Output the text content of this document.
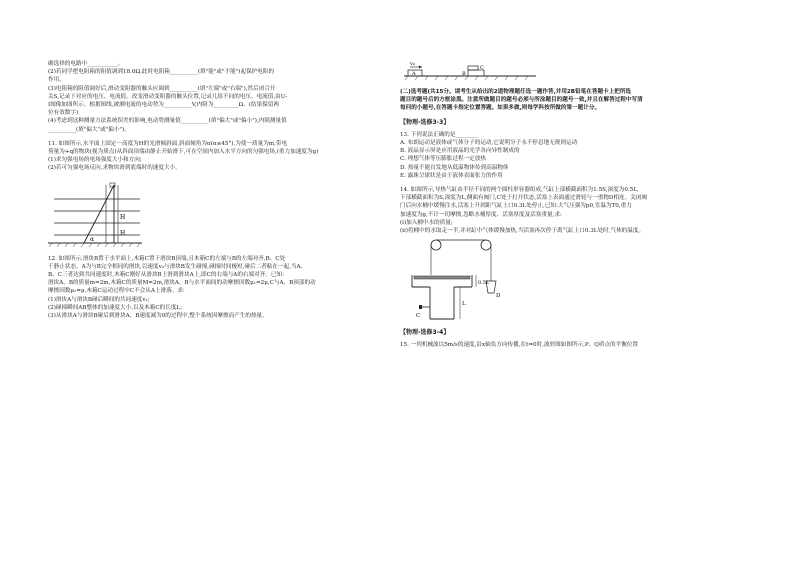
确选择的电路中___________。
(2)若同学把电阻箱的阻值调到18.0Ω,此时电阻箱__________(填"能"或"不能")起保护电阻的
作用。
(3)电阻箱的阻值调好后,滑动变阻器的触头应调到__________(填"左端"或"右端"),然后闭合开
关S,记录下对应的电压、电流值。改变滑动变阻器的触头位置,记录几组不同的电压、电流值,由U-
I图像如图所示。根据图线,被测电流的电动势为__________V,内阻为_________Ω。(结果保留两
位有效数字)
(4)考虑到这种测量方法系统误差的影响,电动势测量值__________(填"偏大"或"偏小"),内阻测量值
__________(填"偏大"或"偏小")。
11. 如图所示,水平面上固定一高度为H的光滑倾斜面,斜面倾角为α(α≤45°),为使一质量为m,带电
荷量为+q的物块(视为质点)从斜面顶端由静止开始滑下,可在空间内加入水平方向的匀强电场,(重力加速度为g)
(1)求匀强电场的电场强度大小和方向;
(2)若可匀强电场反向,求物块滑到底端时的速度大小。
H
H
α
12. 如图所示,滑块B置于水平面上,木箱C置于滑块B顶端,且木箱C的左端与B的左端对齐,B、C处
于静止状态。A为与B完全相同的滑块,以速度v₀与滑块B发生碰撞,碰撞时间极短,碰后二者粘在一起,当A、
B、C三者达到共同速度时,木箱C刚好从滑块B上滑到滑块A上,即C的右端与A的右端对齐。已知:
滑块A、B的质量m=2m,木箱C的质量M=2m,滑块A、B与水平面间的动摩擦因数μ₁=2μ,C与A、B顶部的动
摩擦因数μ₂=μ,木箱C运动过程中C不会从A上滑落。求:
(1)滑块A与滑块B碰后瞬间的共同速度v₁;
(2)碰撞瞬间AB整体的加速度大小,以及木箱C的长度L;
(3)从滑块A与滑块B碰后到滑块A、B速度减为0的过程中,整个系统因摩擦而产生的热量。
v₀
A	B
C
(二)选考题(共15分。请考生从给出的2道物理题任选一题作答,并用2B铅笔在答题卡上把所选
题目的题号后的方框涂黑。注意所做题目的题号必须与所涂题目的题号一致,并且在解答过程中写清
每问的小题号,在答题卡指定位置答题。如果多做,则每学科按所做的第一题计分。
【物理-选修3-3】
13. 下列说法正确的是________
A. 布朗运动是液体或气体分子的运动,它说明分子永不停息地无规则运动
B. 液晶显示屏是应用液晶的光学各向异性制成的
C. 理想气体等压膨胀过程一定放热
D. 热量不能自发地从低温物体传到高温物体
E. 露珠呈球状是由于液体表面张力的作用
14. 如图所示,导热气缸由半径不同的两个圆柱形容器组成,气缸上部横截面积为1.5S,深度为0.5L,
下部横截面积为S,深度为L,侧面有阀门,C处于打开状态,活塞上表面通过滑轮与一重物D相连。关闭阀
门后向水桶中缓慢注水,活塞上升到距气缸上口0.3L处停止,已知:大气压强为p0,室温为T0,重力
加速度为g,不计一切摩擦,忽略水桶厚度、活塞厚度及活塞重量,求:
(i)加入桶中水的质量;
(ii)将桶中的水取走一半,并对缸中气体缓慢加热,当活塞再次停于离气缸上口0.3L处时,气体的温度。
D
C
0.5L
L
【物理-选修3-4】
15. 一列机械波以5m/s的速度,沿x轴负方向传播,在t=0时,波形图如图所示,P、Q质点的平衡位置
